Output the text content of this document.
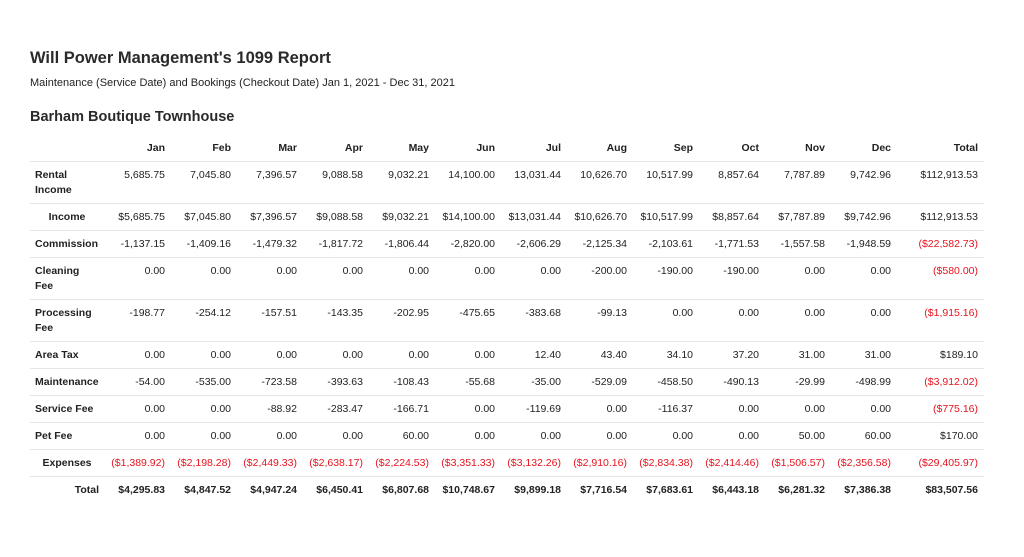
Will Power Management's 1099 Report

Maintenance (Service Date) and Bookings (Checkout Date) Jan 1, 2021 - Dec 31, 2021

Barham Boutique Townhouse
	Jan	Feb	Mar	Apr	May	Jun	Jul	Aug	Sep	Oct	Nov	Dec	Total
Rental Income	5,685.75	7,045.80	7,396.57	9,088.58	9,032.21	14,100.00	13,031.44	10,626.70	10,517.99	8,857.64	7,787.89	9,742.96	$112,913.53
Income	$5,685.75	$7,045.80	$7,396.57	$9,088.58	$9,032.21	$14,100.00	$13,031.44	$10,626.70	$10,517.99	$8,857.64	$7,787.89	$9,742.96	$112,913.53
Commission	-1,137.15	-1,409.16	-1,479.32	-1,817.72	-1,806.44	-2,820.00	-2,606.29	-2,125.34	-2,103.61	-1,771.53	-1,557.58	-1,948.59	($22,582.73)
Cleaning Fee	0.00	0.00	0.00	0.00	0.00	0.00	0.00	-200.00	-190.00	-190.00	0.00	0.00	($580.00)
Processing Fee	-198.77	-254.12	-157.51	-143.35	-202.95	-475.65	-383.68	-99.13	0.00	0.00	0.00	0.00	($1,915.16)
Area Tax	0.00	0.00	0.00	0.00	0.00	0.00	12.40	43.40	34.10	37.20	31.00	31.00	$189.10
Maintenance	-54.00	-535.00	-723.58	-393.63	-108.43	-55.68	-35.00	-529.09	-458.50	-490.13	-29.99	-498.99	($3,912.02)
Service Fee	0.00	0.00	-88.92	-283.47	-166.71	0.00	-119.69	0.00	-116.37	0.00	0.00	0.00	($775.16)
Pet Fee	0.00	0.00	0.00	0.00	60.00	0.00	0.00	0.00	0.00	0.00	50.00	60.00	$170.00
Expenses	($1,389.92)	($2,198.28)	($2,449.33)	($2,638.17)	($2,224.53)	($3,351.33)	($3,132.26)	($2,910.16)	($2,834.38)	($2,414.46)	($1,506.57)	($2,356.58)	($29,405.97)
Total	$4,295.83	$4,847.52	$4,947.24	$6,450.41	$6,807.68	$10,748.67	$9,899.18	$7,716.54	$7,683.61	$6,443.18	$6,281.32	$7,386.38	$83,507.56
